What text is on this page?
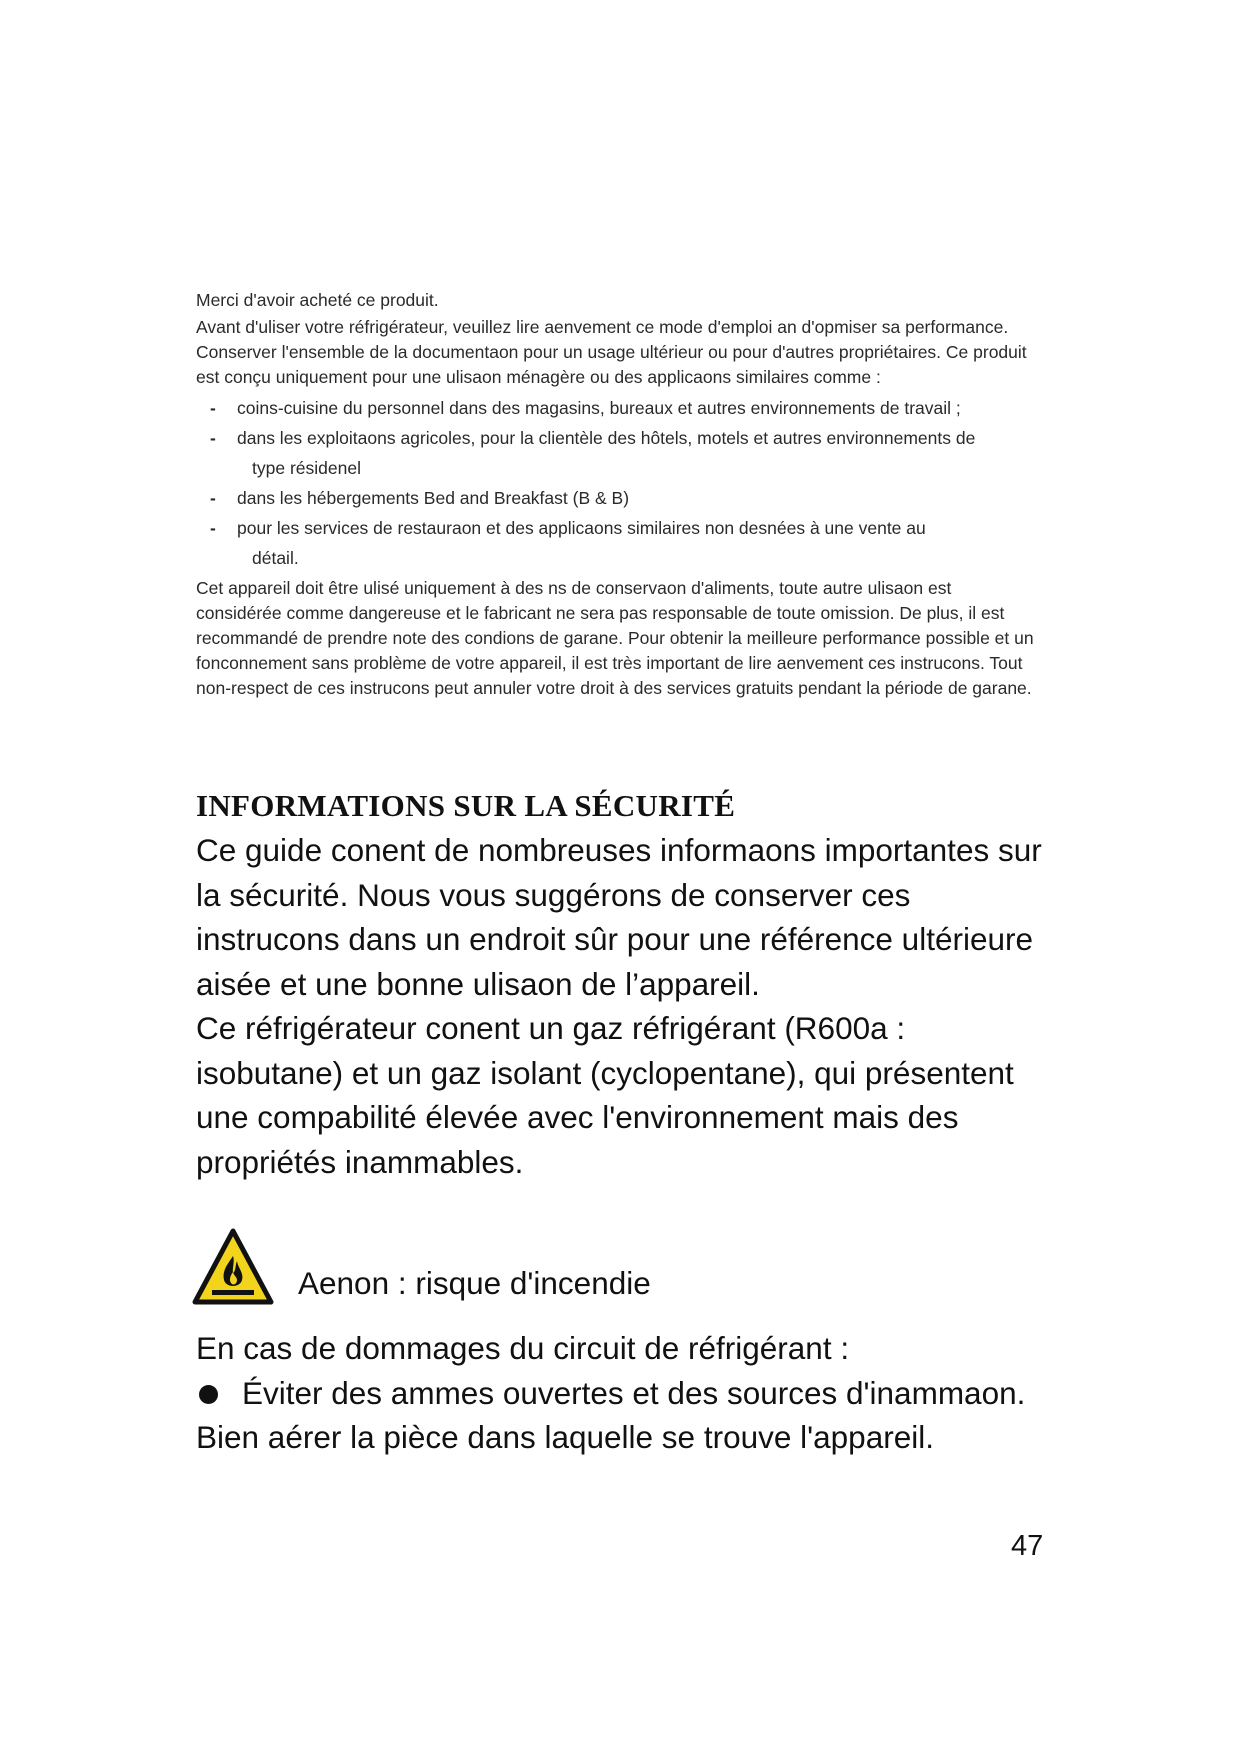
Merci d'avoir acheté ce produit.

Avant d'uliser votre réfrigérateur, veuillez lire aenvement ce mode d'emploi an d'opmiser sa performance. Conserver l'ensemble de la documentaon pour un usage ultérieur ou pour d'autres propriétaires. Ce produit est conçu uniquement pour une ulisaon ménagère ou des applicaons similaires comme :

- coins-cuisine du personnel dans des magasins, bureaux et autres environnements de travail ;
- dans les exploitaons agricoles, pour la clientèle des hôtels, motels et autres environnements de
type résidenel
- dans les hébergements Bed and Breakfast (B & B)
- pour les services de restauraon et des applicaons similaires non desnées à une vente au
détail.

Cet appareil doit être ulisé uniquement à des ns de conservaon d'aliments, toute autre ulisaon est considérée comme dangereuse et le fabricant ne sera pas responsable de toute omission. De plus, il est recommandé de prendre note des condions de garane. Pour obtenir la meilleure performance possible et un fonconnement sans problème de votre appareil, il est très important de lire aenvement ces instrucons. Tout non-respect de ces instrucons peut annuler votre droit à des services gratuits pendant la période de garane.

INFORMATIONS SUR LA SÉCURITÉ

Ce guide conent de nombreuses informaons importantes sur la sécurité. Nous vous suggérons de conserver ces instrucons dans un endroit sûr pour une référence ultérieure aisée et une bonne ulisaon de l’appareil.

Ce réfrigérateur conent un gaz réfrigérant (R600a : isobutane) et un gaz isolant (cyclopentane), qui présentent une compabilité élevée avec l'environnement mais des propriétés inammables.

Aenon : risque d'incendie

En cas de dommages du circuit de réfrigérant :

Éviter des ammes ouvertes et des sources d'inammaon.

Bien aérer la pièce dans laquelle se trouve l'appareil.

47
